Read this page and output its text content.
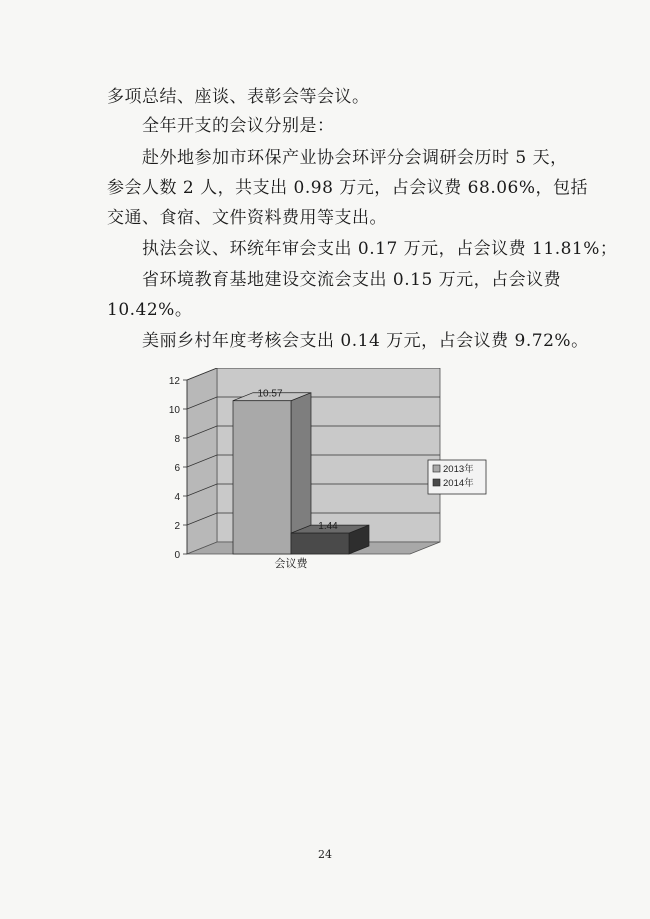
多项总结、座谈、表彰会等会议。
全年开支的会议分别是：
赴外地参加市环保产业协会环评分会调研会历时 5 天，
参会人数 2 人，共支出 0.98 万元，占会议费 68.06%，包括
交通、食宿、文件资料费用等支出。
执法会议、环统年审会支出 0.17 万元，占会议费 11.81%；
省环境教育基地建设交流会支出 0.15 万元，占会议费
10.42%。
美丽乡村年度考核会支出 0.14 万元，占会议费 9.72%。
0
2
4
6
8
10
12
10.57
1.44
会议费
2013年
2014年
24
